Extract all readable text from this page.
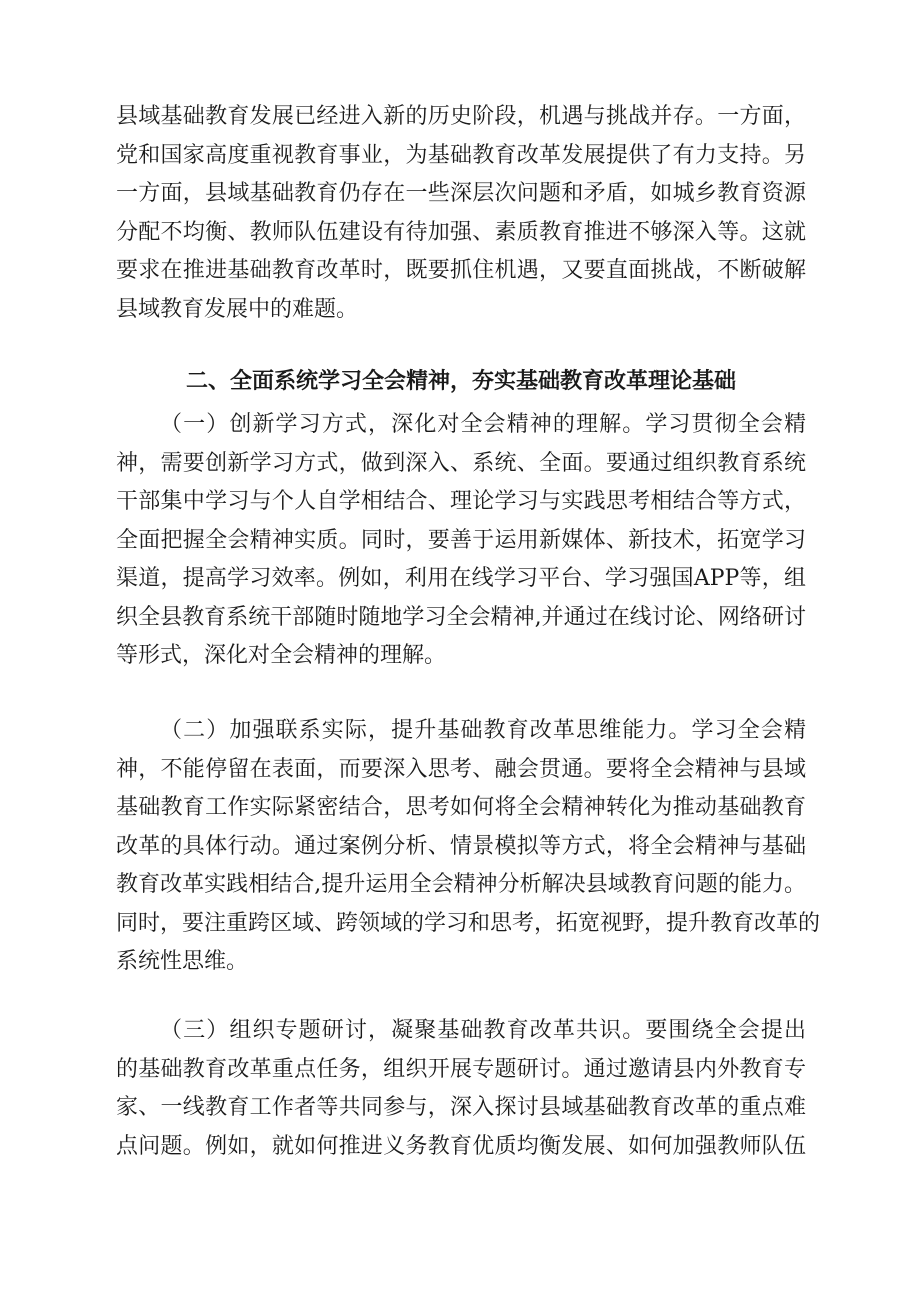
县域基础教育发展已经进入新的历史阶段，机遇与挑战并存。一方面，
党和国家高度重视教育事业，为基础教育改革发展提供了有力支持。另
一方面，县域基础教育仍存在一些深层次问题和矛盾，如城乡教育资源
分配不均衡、教师队伍建设有待加强、素质教育推进不够深入等。这就
要求在推进基础教育改革时，既要抓住机遇，又要直面挑战，不断破解
县域教育发展中的难题。
二、全面系统学习全会精神，夯实基础教育改革理论基础
（一）创新学习方式，深化对全会精神的理解。学习贯彻全会精
神，需要创新学习方式，做到深入、系统、全面。要通过组织教育系统
干部集中学习与个人自学相结合、理论学习与实践思考相结合等方式，
全面把握全会精神实质。同时，要善于运用新媒体、新技术，拓宽学习
渠道，提高学习效率。例如，利用在线学习平台、学习强国APP等，组
织全县教育系统干部随时随地学习全会精神,并通过在线讨论、网络研讨
等形式，深化对全会精神的理解。
（二）加强联系实际，提升基础教育改革思维能力。学习全会精
神，不能停留在表面，而要深入思考、融会贯通。要将全会精神与县域
基础教育工作实际紧密结合，思考如何将全会精神转化为推动基础教育
改革的具体行动。通过案例分析、情景模拟等方式，将全会精神与基础
教育改革实践相结合,提升运用全会精神分析解决县域教育问题的能力。
同时，要注重跨区域、跨领域的学习和思考，拓宽视野，提升教育改革的
系统性思维。
（三）组织专题研讨，凝聚基础教育改革共识。要围绕全会提出
的基础教育改革重点任务，组织开展专题研讨。通过邀请县内外教育专
家、一线教育工作者等共同参与，深入探讨县域基础教育改革的重点难
点问题。例如，就如何推进义务教育优质均衡发展、如何加强教师队伍
